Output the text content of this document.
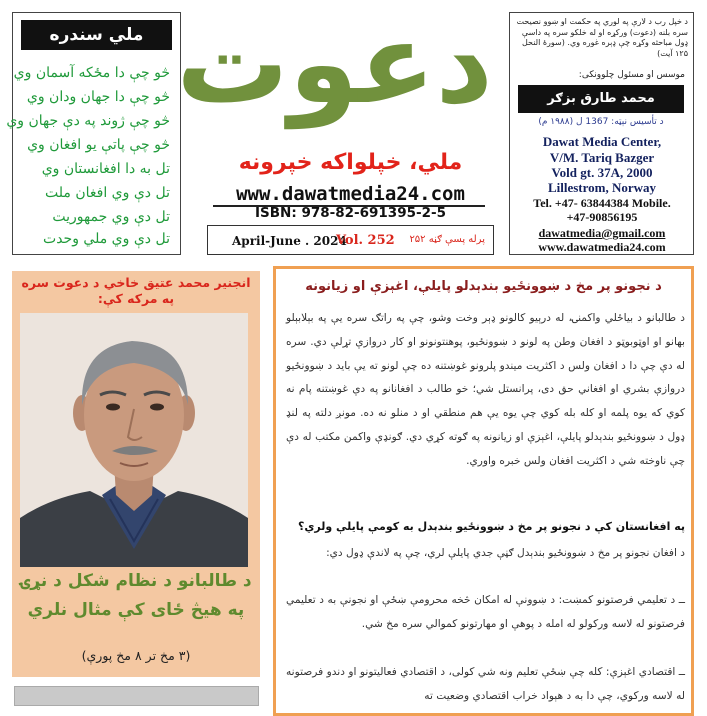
ملي سندره
څو چې دا مځکه آسمان وي
څو چې دا جهان ودان وي
څو چې ژوند په دې جهان وي
څو چې پاتې یو افغان وي
تل به دا افغانستان وي
تل دې وي افغان ملت
تل دې وي جمهوریت
تل دې وي ملي وحدت
دعوت
ملي، خپلواکه خپرونه
www.dawatmedia24.com
ISBN: 978-82-691395-2-5
April-June . 2024
Vol. 252 پرله پسې ګڼه ۲۵۲
د خپل رب د لارې په لوري په حکمت او ښوو نصیحت سره بلنه (دعوت) ورکړه او له خلکو سره په داسې ډول مباحثه وکړه چې ډېره غوره وي. (سورۀ النحل ۱۲۵ آیت)
موسس او مسئول چلوونکی:
محمد طارق بزګر
د تأسیس نېټه: 1367 ل (۱۹۸۸ م)
Dawat Media Center,
V/M. Tariq Bazger
Vold gt. 37A, 2000
Lillestrom, Norway
Tel. +47- 63844384 Mobile.
+47-90856195
dawatmedia@gmail.com
www.dawatmedia24.com
انجنیر محمد عتیق خاخي د دعوت سره په مرکه کې:
د طالبانو د نظام شکل د نړۍ
په هیڅ ځای کې مثال نلري
(۳ مخ تر ۸ مخ پورې)
د نجونو پر مخ د ښوونځیو بندېدلو پایلې، اغېزې او زیانونه
د طالبانو د بیاځلي واکمنۍ، له درېیو کالونو ډېر وخت وشو، چې په راتګ سره یې په بېلابېلو بهانو او اوټوبوټو د افغان وطن په لونو د ښوونځیو، پوهنتونونو او کار دروازې تړلې دي. سره له دې چې دا د افغان ولس د اکثریت میندو پلرونو غوښتنه ده چې لونو ته یې باید د ښوونځیو دروازې بشري او افغاني حق دی، پرانستل شي؛ خو طالب د افغانانو په دې غوښتنه پام نه کوي که یوه پلمه او کله بله کوي چې یوه یې هم منطقي او د منلو نه ده. مونږ دلته په لنډ ډول د ښوونځیو بندېدلو پایلې، اغېزې او زیانونه په ګوته کړي دي. ګونډې واکمن مکتب له دې چې ناوخته شي د اکثریت افغان ولس خبره واوري.
په افغانستان کې د نجونو پر مخ د ښوونځیو بندېدل به کومې پایلې ولري؟
د افغان نجونو پر مخ د ښوونځیو بندېدل ګڼې جدي پایلې لري، چې په لاندې ډول دي:
ــ د تعلیمي فرصتونو کمښت: د ښوونې له امکان څخه محرومې ښځې او نجونې به د تعلیمي فرصتونو له لاسه ورکولو له امله د پوهې او مهارتونو کموالي سره مخ شي.
ــ اقتصادي اغېزې: کله چې ښځې تعلیم ونه شي کولی، د اقتصادي فعالیتونو او دندو فرصتونه له لاسه ورکوي، چې دا به د هېواد خراب اقتصادي وضعیت ته
